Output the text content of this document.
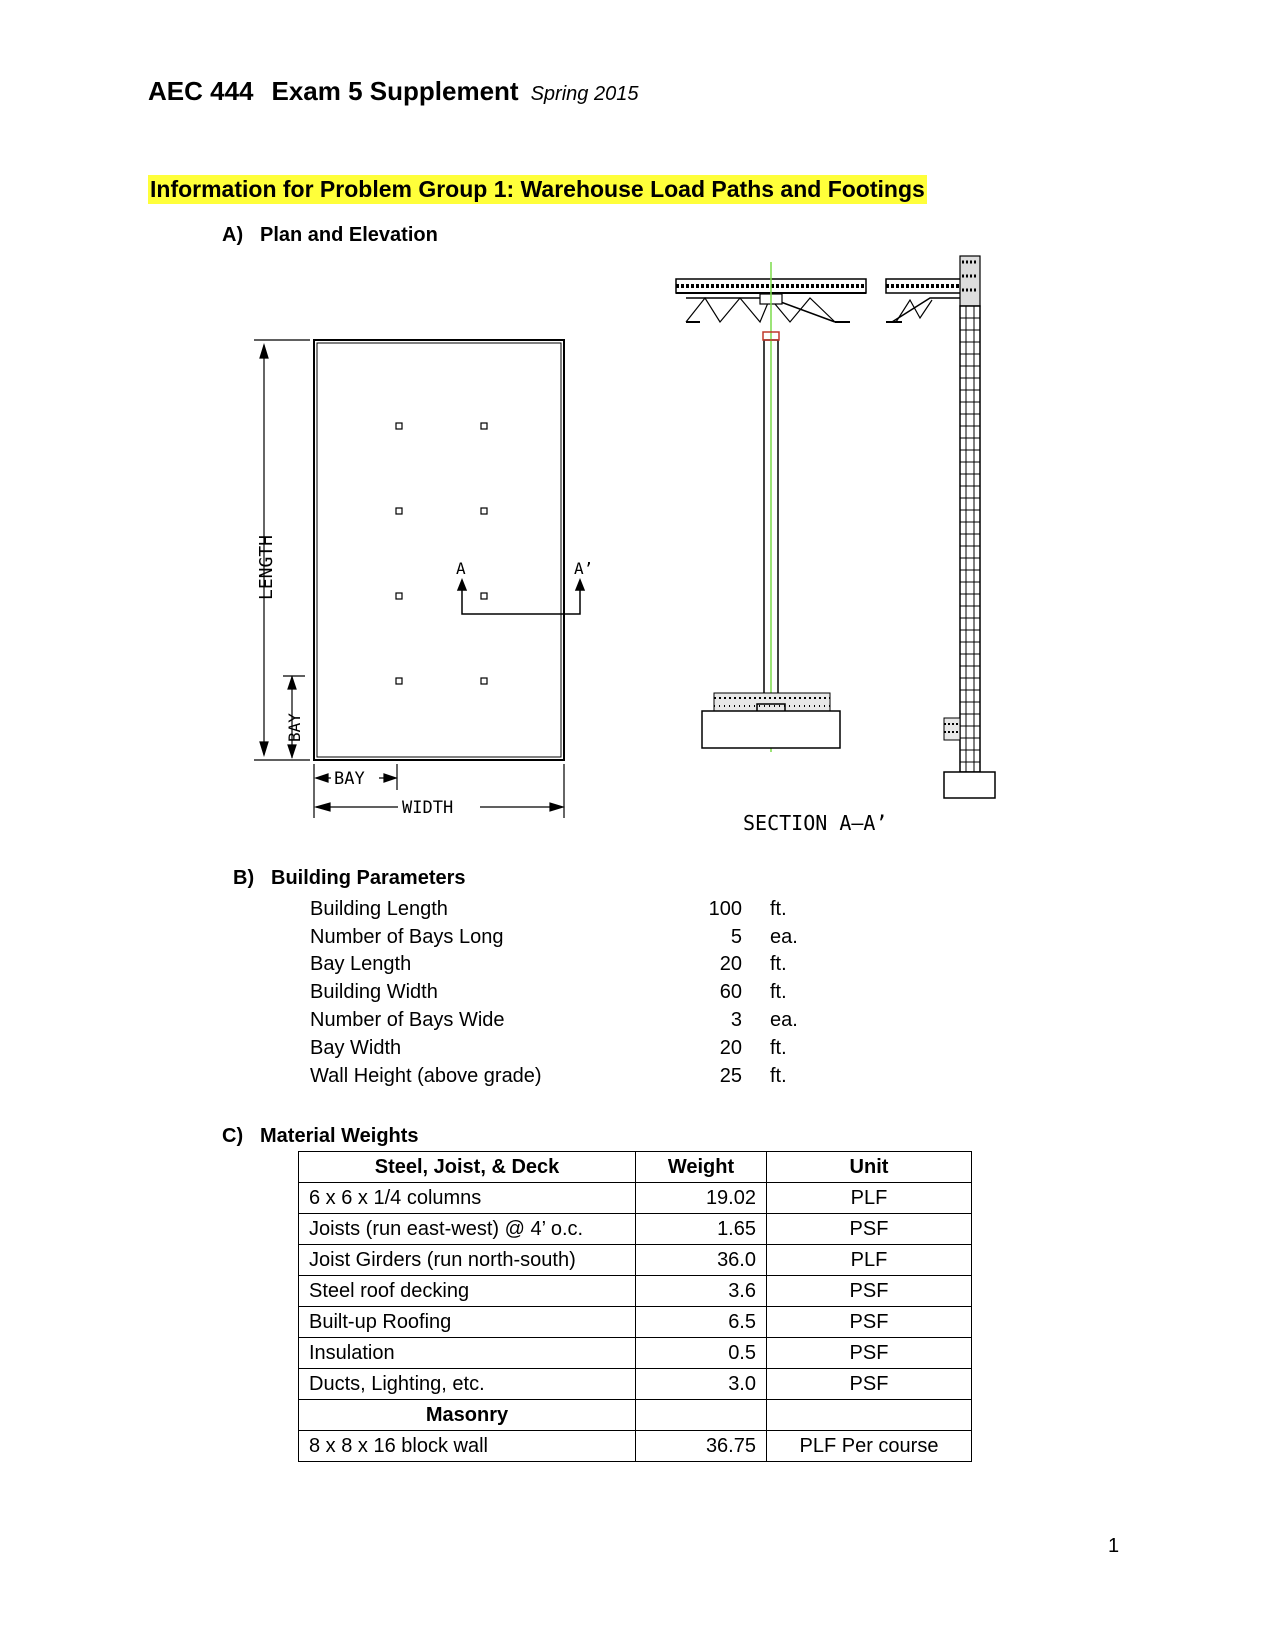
AEC 444 Exam 5 Supplement Spring 2015
Information for Problem Group 1: Warehouse Load Paths and Footings
A) Plan and Elevation
A	A’
LENGTH
BAY
BAY
WIDTH
SECTION A–A’
B) Building Parameters
Building Length	100 ft.
Number of Bays Long	5 ea.
Bay Length	20 ft.
Building Width	60 ft.
Number of Bays Wide	3 ea.
Bay Width	20 ft.
Wall Height (above grade)	25 ft.
C) Material Weights
Steel, Joist, & Deck	Weight	Unit
6 x 6 x 1/4 columns	19.02	PLF
Joists (run east-west) @ 4’ o.c.	1.65	PSF
Joist Girders (run north-south)	36.0	PLF
Steel roof decking	3.6	PSF
Built-up Roofing	6.5	PSF
Insulation	0.5	PSF
Ducts, Lighting, etc.	3.0	PSF
Masonry		
8 x 8 x 16 block wall	36.75	PLF Per course
1
